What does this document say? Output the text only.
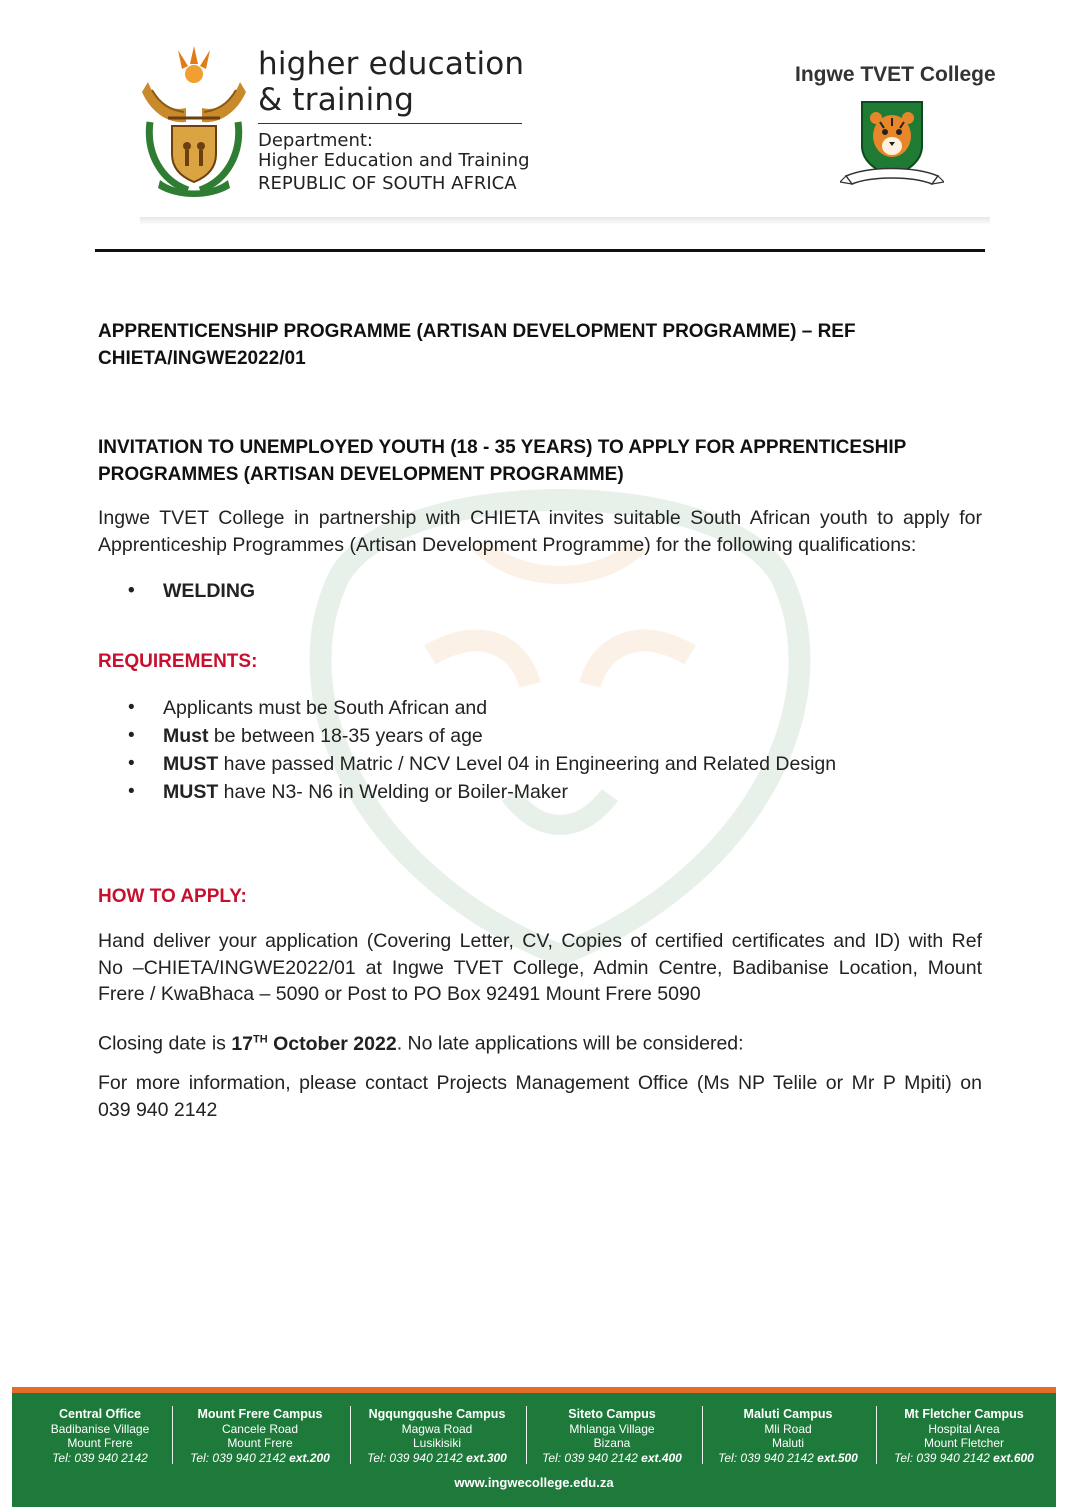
higher education
& training
Department:
Higher Education and Training
REPUBLIC OF SOUTH AFRICA
Ingwe TVET College
APPRENTICENSHIP PROGRAMME (ARTISAN DEVELOPMENT PROGRAMME) – REF
CHIETA/INGWE2022/01
INVITATION TO UNEMPLOYED YOUTH (18 - 35 YEARS) TO APPLY FOR APPRENTICESHIP
PROGRAMMES (ARTISAN DEVELOPMENT PROGRAMME)
Ingwe TVET College in partnership with CHIETA invites suitable South African youth to apply for Apprenticeship Programmes (Artisan Development Programme) for the following qualifications:
• WELDING
REQUIREMENTS:
• Applicants must be South African and
• Must be between 18-35 years of age
• MUST have passed Matric / NCV Level 04 in Engineering and Related Design
• MUST have N3- N6 in Welding or Boiler-Maker
HOW TO APPLY:
Hand deliver your application (Covering Letter, CV, Copies of certified certificates and ID) with Ref
No –CHIETA/INGWE2022/01 at Ingwe TVET College, Admin Centre, Badibanise Location, Mount
Frere / KwaBhaca – 5090 or Post to PO Box 92491 Mount Frere 5090
Closing date is 17TH October 2022. No late applications will be considered:
For more information, please contact Projects Management Office (Ms NP Telile or Mr P Mpiti) on
039 940 2142
Central Office
Badibanise Village
Mount Frere
Tel: 039 940 2142
Mount Frere Campus
Cancele Road
Mount Frere
Tel: 039 940 2142 ext.200
Ngqungqushe Campus
Magwa Road
Lusikisiki
Tel: 039 940 2142 ext.300
Siteto Campus
Mhlanga Village
Bizana
Tel: 039 940 2142 ext.400
Maluti Campus
Mli Road
Maluti
Tel: 039 940 2142 ext.500
Mt Fletcher Campus
Hospital Area
Mount Fletcher
Tel: 039 940 2142 ext.600
www.ingwecollege.edu.za
